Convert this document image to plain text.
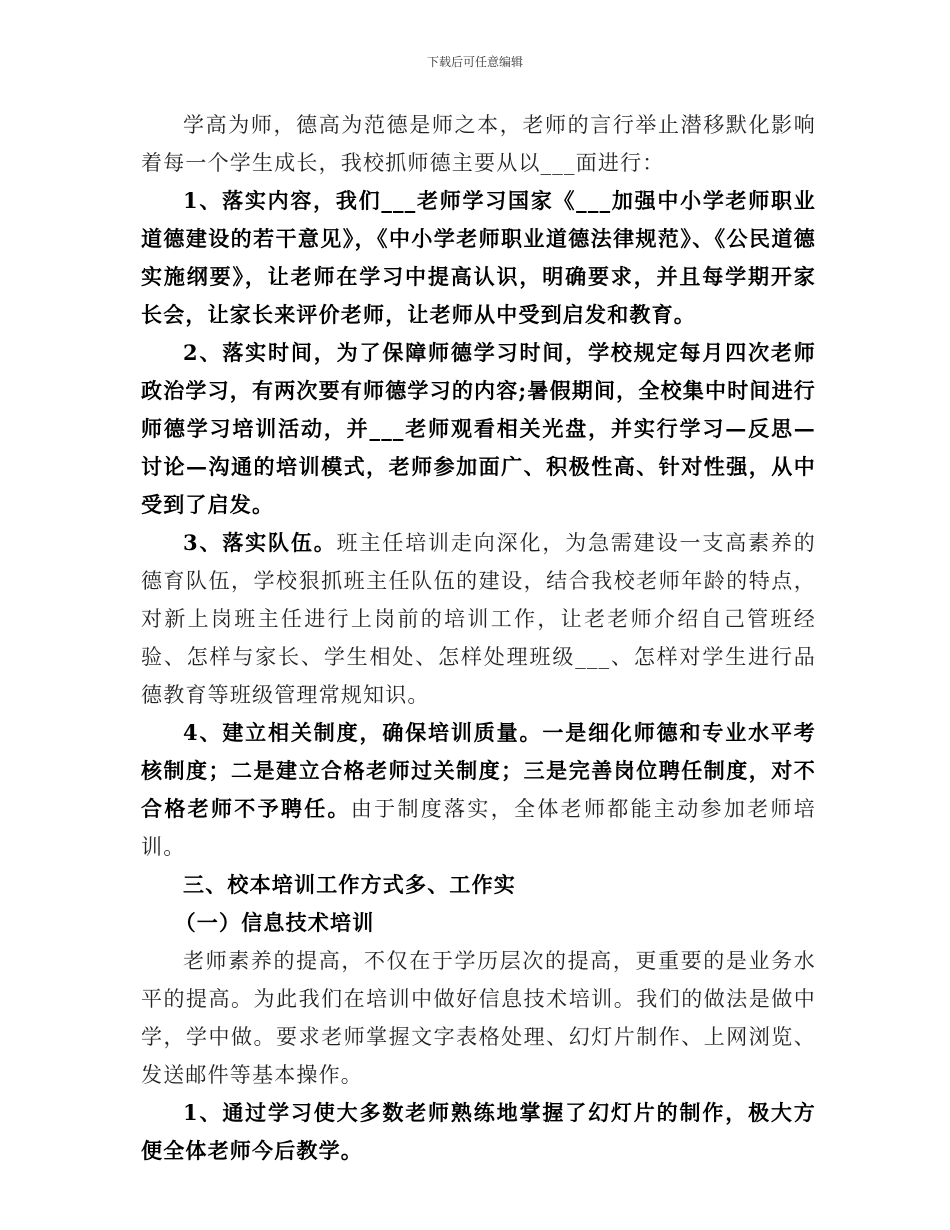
下载后可任意编辑

学高为师，德高为范德是师之本，老师的言行举止潜移默化影响着每一个学生成长，我校抓师德主要从以___面进行：

1、落实内容，我们___老师学习国家《___加强中小学老师职业道德建设的若干意见》，《中小学老师职业道德法律规范》、《公民道德实施纲要》，让老师在学习中提高认识，明确要求，并且每学期开家长会，让家长来评价老师，让老师从中受到启发和教育。

2、落实时间，为了保障师德学习时间，学校规定每月四次老师政治学习，有两次要有师德学习的内容;暑假期间，全校集中时间进行师德学习培训活动，并___老师观看相关光盘，并实行学习—反思—讨论—沟通的培训模式，老师参加面广、积极性高、针对性强，从中受到了启发。

3、落实队伍。班主任培训走向深化，为急需建设一支高素养的德育队伍，学校狠抓班主任队伍的建设，结合我校老师年龄的特点，对新上岗班主任进行上岗前的培训工作，让老老师介绍自己管班经验、怎样与家长、学生相处、怎样处理班级___、怎样对学生进行品德教育等班级管理常规知识。

4、建立相关制度，确保培训质量。一是细化师德和专业水平考核制度；二是建立合格老师过关制度；三是完善岗位聘任制度，对不合格老师不予聘任。由于制度落实，全体老师都能主动参加老师培训。

三、校本培训工作方式多、工作实

（一）信息技术培训

老师素养的提高，不仅在于学历层次的提高，更重要的是业务水平的提高。为此我们在培训中做好信息技术培训。我们的做法是做中学，学中做。要求老师掌握文字表格处理、幻灯片制作、上网浏览、发送邮件等基本操作。

1、通过学习使大多数老师熟练地掌握了幻灯片的制作，极大方便全体老师今后教学。
